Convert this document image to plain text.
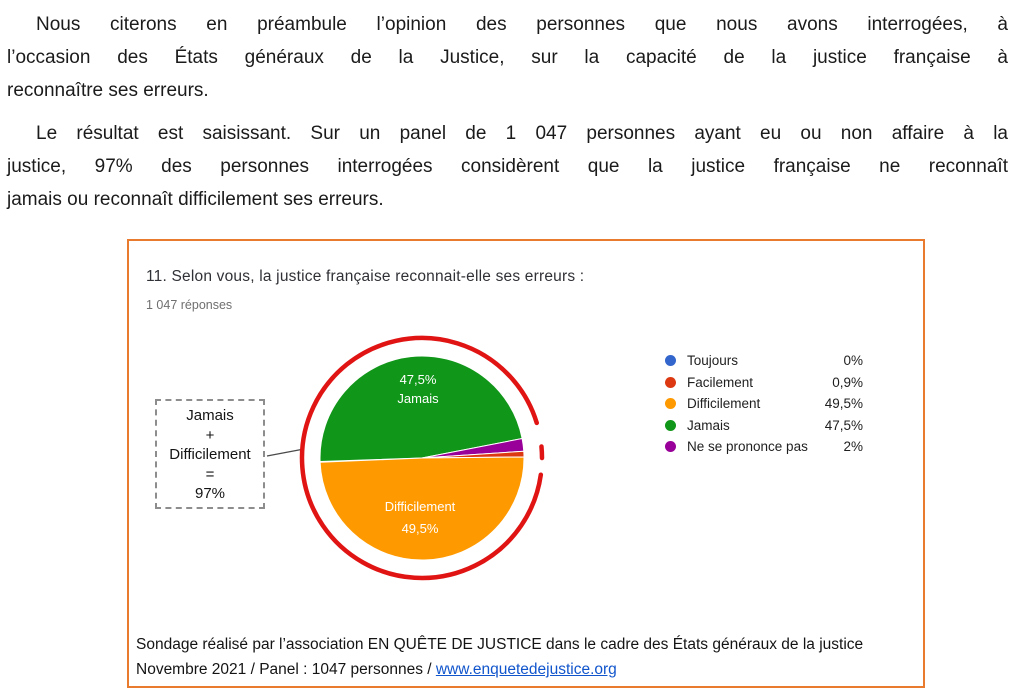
Nous citerons en préambule l’opinion des personnes que nous avons interrogées, à
l’occasion des États généraux de la Justice, sur la capacité de la justice française à
reconnaître ses erreurs.

Le résultat est saisissant. Sur un panel de 1 047 personnes ayant eu ou non affaire à la
justice, 97% des personnes interrogées considèrent que la justice française ne reconnaît
jamais ou reconnaît difficilement ses erreurs.

11. Selon vous, la justice française reconnait-elle ses erreurs :
1 047 réponses
Jamais
+
Difficilement
=
97%
47,5% Jamais
Difficilement 49,5%
Toujours	0%
Facilement	0,9%
Difficilement	49,5%
Jamais	47,5%
Ne se prononce pas	2%
Sondage réalisé par l’association EN QUÊTE DE JUSTICE dans le cadre des États généraux de la justice
Novembre 2021 / Panel : 1047 personnes / www.enquetedejustice.org
